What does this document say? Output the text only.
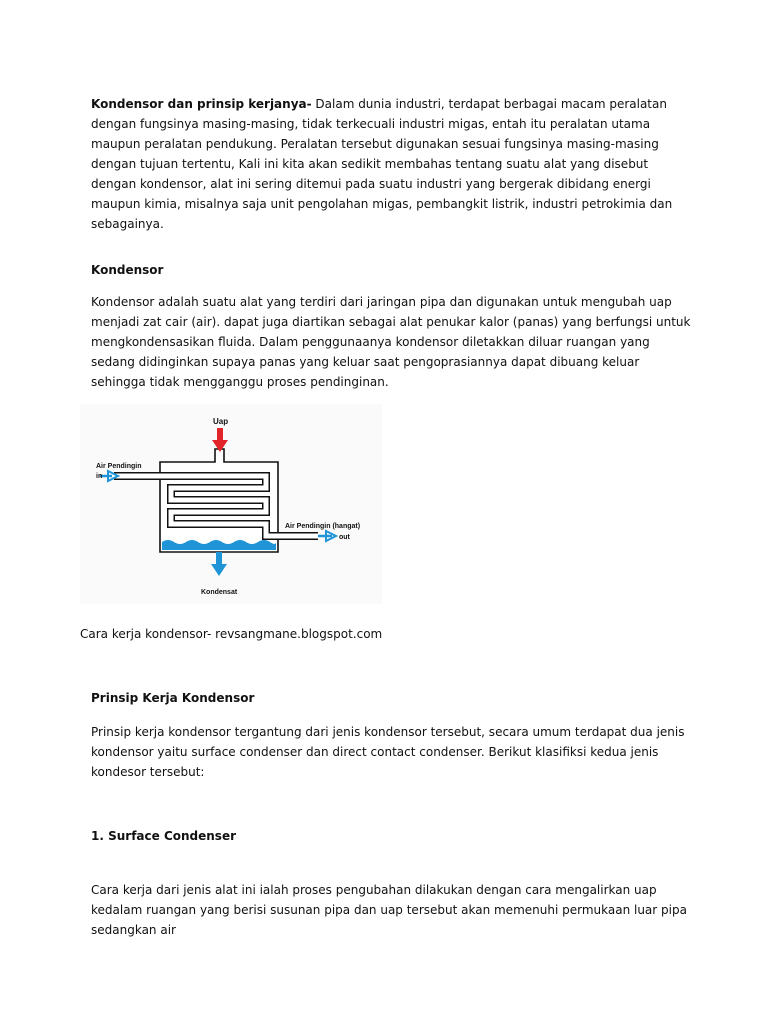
Kondensor dan prinsip kerjanya- Dalam dunia industri, terdapat berbagai macam peralatan dengan fungsinya masing-masing, tidak terkecuali industri migas, entah itu peralatan utama maupun peralatan pendukung. Peralatan tersebut digunakan sesuai fungsinya masing-masing dengan tujuan tertentu, Kali ini kita akan sedikit membahas tentang suatu alat yang disebut dengan kondensor, alat ini sering ditemui pada suatu industri yang bergerak dibidang energi maupun kimia, misalnya saja unit pengolahan migas, pembangkit listrik, industri petrokimia dan sebagainya.

Kondensor

Kondensor adalah suatu alat yang terdiri dari jaringan pipa dan digunakan untuk mengubah uap menjadi zat cair (air). dapat juga diartikan sebagai alat penukar kalor (panas) yang berfungsi untuk mengkondensasikan fluida. Dalam penggunaanya kondensor diletakkan diluar ruangan yang sedang didinginkan supaya panas yang keluar saat pengoprasiannya dapat dibuang keluar sehingga tidak mengganggu proses pendinginan.

Uap
Air Pendingin
in
Air Pendingin (hangat)
out
Kondensat

Cara kerja kondensor- revsangmane.blogspot.com

Prinsip Kerja Kondensor

Prinsip kerja kondensor tergantung dari jenis kondensor tersebut, secara umum terdapat dua jenis kondensor yaitu surface condenser dan direct contact condenser. Berikut klasifiksi kedua jenis kondesor tersebut:

1. Surface Condenser

Cara kerja dari jenis alat ini ialah proses pengubahan dilakukan dengan cara mengalirkan uap kedalam ruangan yang berisi susunan pipa dan uap tersebut akan memenuhi permukaan luar pipa sedangkan air
